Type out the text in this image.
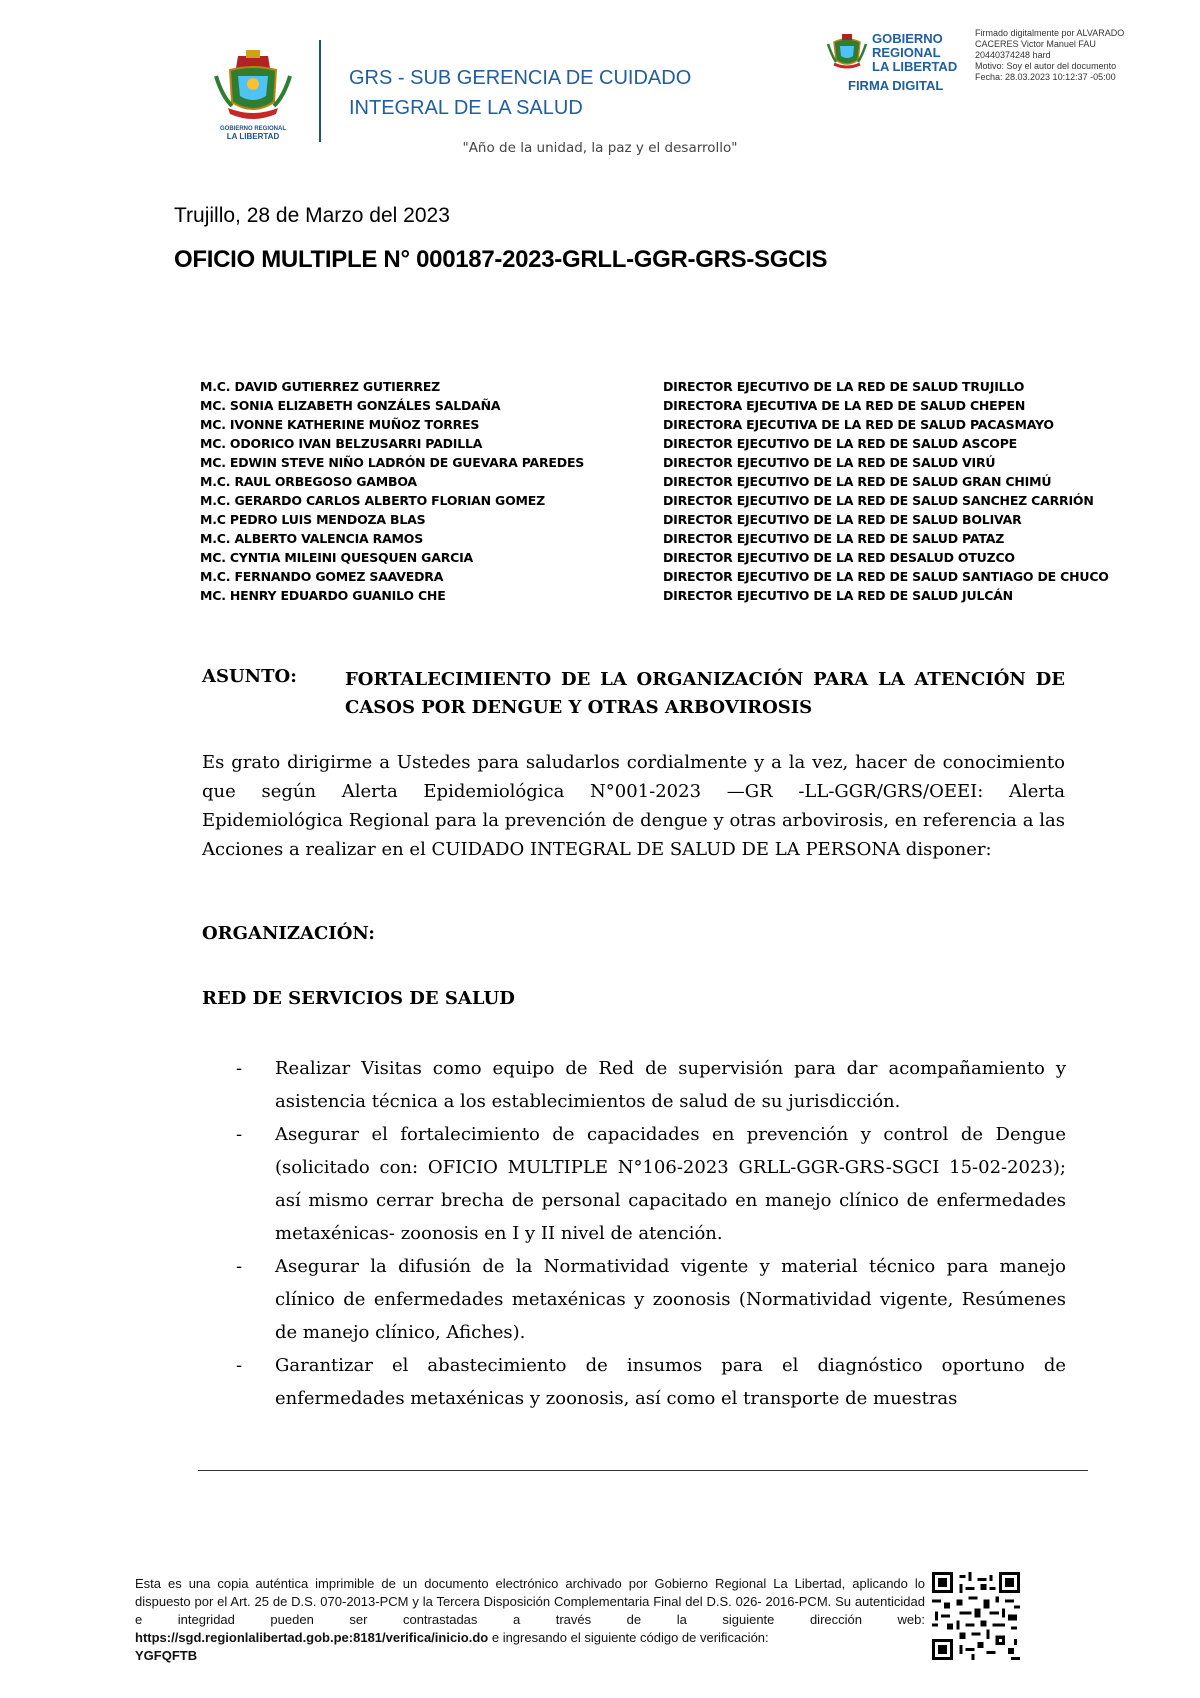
GOBIERNO REGIONAL
LA LIBERTAD
GRS - SUB GERENCIA DE CUIDADO
INTEGRAL DE LA SALUD
"Año de la unidad, la paz y el desarrollo"
GOBIERNO
REGIONAL
LA LIBERTAD
FIRMA DIGITAL
Firmado digitalmente por ALVARADO
CACERES Victor Manuel FAU
20440374248 hard
Motivo: Soy el autor del documento
Fecha: 28.03.2023 10:12:37 -05:00
Trujillo, 28 de Marzo del 2023
OFICIO MULTIPLE N° 000187-2023-GRLL-GGR-GRS-SGCIS
M.C. DAVID GUTIERREZ GUTIERREZ	DIRECTOR EJECUTIVO DE LA RED DE SALUD TRUJILLO
MC. SONIA ELIZABETH GONZÁLES SALDAÑA	DIRECTORA EJECUTIVA DE LA RED DE SALUD CHEPEN
MC. IVONNE KATHERINE MUÑOZ TORRES	DIRECTORA EJECUTIVA DE LA RED DE SALUD PACASMAYO
MC. ODORICO IVAN BELZUSARRI PADILLA	DIRECTOR EJECUTIVO DE LA RED DE SALUD ASCOPE
MC. EDWIN STEVE NIÑO LADRÓN DE GUEVARA PAREDES	DIRECTOR EJECUTIVO DE LA RED DE SALUD VIRÚ
M.C. RAUL ORBEGOSO GAMBOA	DIRECTOR EJECUTIVO DE LA RED DE SALUD GRAN CHIMÚ
M.C. GERARDO CARLOS ALBERTO FLORIAN GOMEZ	DIRECTOR EJECUTIVO DE LA RED DE SALUD SANCHEZ CARRIÓN
M.C PEDRO LUIS MENDOZA BLAS	DIRECTOR EJECUTIVO DE LA RED DE SALUD BOLIVAR
M.C. ALBERTO VALENCIA RAMOS	DIRECTOR EJECUTIVO DE LA RED DE SALUD PATAZ
MC. CYNTIA MILEINI QUESQUEN GARCIA	DIRECTOR EJECUTIVO DE LA RED DESALUD OTUZCO
M.C. FERNANDO GOMEZ SAAVEDRA	DIRECTOR EJECUTIVO DE LA RED DE SALUD SANTIAGO DE CHUCO
MC. HENRY EDUARDO GUANILO CHE	DIRECTOR EJECUTIVO DE LA RED DE SALUD JULCÁN
ASUNTO:	FORTALECIMIENTO DE LA ORGANIZACIÓN PARA LA ATENCIÓN DE CASOS POR DENGUE Y OTRAS ARBOVIROSIS
Es grato dirigirme a Ustedes para saludarlos cordialmente y a la vez, hacer de conocimiento que según Alerta Epidemiológica N°001-2023 —GR -LL-GGR/GRS/OEEI: Alerta Epidemiológica Regional para la prevención de dengue y otras arbovirosis, en referencia a las Acciones a realizar en el CUIDADO INTEGRAL DE SALUD DE LA PERSONA disponer:
ORGANIZACIÓN:
RED DE SERVICIOS DE SALUD
- Realizar Visitas como equipo de Red de supervisión para dar acompañamiento y asistencia técnica a los establecimientos de salud de su jurisdicción.
- Asegurar el fortalecimiento de capacidades en prevención y control de Dengue (solicitado con: OFICIO MULTIPLE N°106-2023 GRLL-GGR-GRS-SGCI 15-02-2023); así mismo cerrar brecha de personal capacitado en manejo clínico de enfermedades metaxénicas- zoonosis en I y II nivel de atención.
- Asegurar la difusión de la Normatividad vigente y material técnico para manejo clínico de enfermedades metaxénicas y zoonosis (Normatividad vigente, Resúmenes de manejo clínico, Afiches).
- Garantizar el abastecimiento de insumos para el diagnóstico oportuno de enfermedades metaxénicas y zoonosis, así como el transporte de muestras
Esta es una copia auténtica imprimible de un documento electrónico archivado por Gobierno Regional La Libertad, aplicando lo dispuesto por el Art. 25 de D.S. 070-2013-PCM y la Tercera Disposición Complementaria Final del D.S. 026- 2016-PCM. Su autenticidad e integridad pueden ser contrastadas a través de la siguiente dirección web: https://sgd.regionlalibertad.gob.pe:8181/verifica/inicio.do e ingresando el siguiente código de verificación:
YGFQFTB
